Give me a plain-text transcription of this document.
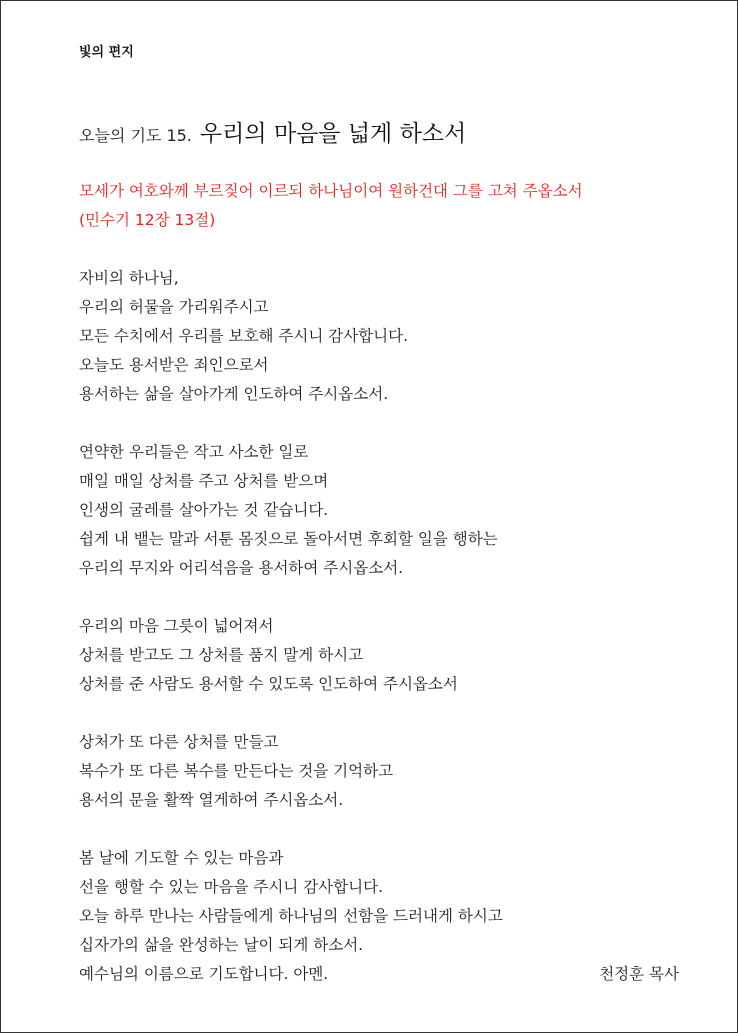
빛의 편지
오늘의 기도 15. 우리의 마음을 넓게 하소서
모세가 여호와께 부르짖어 이르되 하나님이여 원하건대 그를 고쳐 주옵소서
(민수기 12장 13절)
자비의 하나님,
우리의 허물을 가리워주시고
모든 수치에서 우리를 보호해 주시니 감사합니다.
오늘도 용서받은 죄인으로서
용서하는 삶을 살아가게 인도하여 주시옵소서.
연약한 우리들은 작고 사소한 일로
매일 매일 상처를 주고 상처를 받으며
인생의 굴레를 살아가는 것 같습니다.
쉽게 내 뱉는 말과 서툰 몸짓으로 돌아서면 후회할 일을 행하는
우리의 무지와 어리석음을 용서하여 주시옵소서.
우리의 마음 그릇이 넓어져서
상처를 받고도 그 상처를 품지 말게 하시고
상처를 준 사람도 용서할 수 있도록 인도하여 주시옵소서
상처가 또 다른 상처를 만들고
복수가 또 다른 복수를 만든다는 것을 기억하고
용서의 문을 활짝 열게하여 주시옵소서.
봄 날에 기도할 수 있는 마음과
선을 행할 수 있는 마음을 주시니 감사합니다.
오늘 하루 만나는 사람들에게 하나님의 선함을 드러내게 하시고
십자가의 삶을 완성하는 날이 되게 하소서.
예수님의 이름으로 기도합니다. 아멘.	천정훈 목사
